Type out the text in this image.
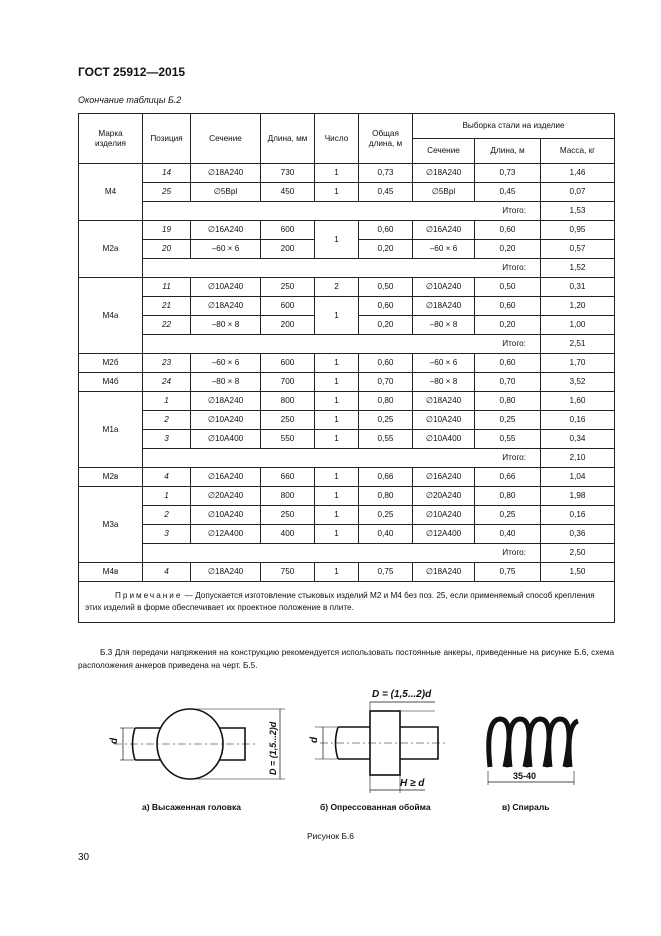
ГОСТ 25912—2015
Окончание таблицы Б.2
Марка изделия	Позиция	Сечение	Длина, мм	Число	Общая длина, м	Выборка стали на изделие		
						Сечение	Длина, м	Масса, кг
М4	14	∅18А240	730	1	0,73	∅18А240	0,73	1,46
	25	∅5Bpl	450	1	0,45	∅5Bpl	0,45	0,07
	Итого:							1,53
М2а	19	∅16А240	600	1	0,60	∅16А240	0,60	0,95
	20	–60 × 6	200		0,20	–60 × 6	0,20	0,57
	Итого:							1,52
М4а	11	∅10А240	250	2	0,50	∅10А240	0,50	0,31
	21	∅18А240	600	1	0,60	∅18А240	0,60	1,20
	22	–80 × 8	200		0,20	–80 × 8	0,20	1,00
	Итого:							2,51
М2б	23	–60 × 6	600	1	0,60	–60 × 6	0,60	1,70
М4б	24	–80 × 8	700	1	0,70	–80 × 8	0,70	3,52
М1а	1	∅18А240	800	1	0,80	∅18А240	0,80	1,60
	2	∅10А240	250	1	0,25	∅10А240	0,25	0,16
	3	∅10А400	550	1	0,55	∅10А400	0,55	0,34
	Итого:							2,10
М2в	4	∅16А240	660	1	0,66	∅16А240	0,66	1,04
М3а	1	∅20А240	800	1	0,80	∅20А240	0,80	1,98
	2	∅10А240	250	1	0,25	∅10А240	0,25	0,16
	3	∅12А400	400	1	0,40	∅12А400	0,40	0,36
	Итого:							2,50
М4в	4	∅18А240	750	1	0,75	∅18А240	0,75	1,50
Примечание — Допускается изготовление стыковых изделий М2 и М4 без поз. 25, если применяемый способ крепления этих изделий в форме обеспечивает их проектное положение в плите.								
Б.3 Для передачи напряжения на конструкцию рекомендуется использовать постоянные анкеры, приведенные на рисунке Б.6, схема расположения анкеров приведена на черт. Б.5.
d	D = (1,5...2)d	d
D = (1,5...2)d
H ≥ d
35-40
а) Высаженная головка	б) Опрессованная обойма	в) Спираль
Рисунок Б.6
30
